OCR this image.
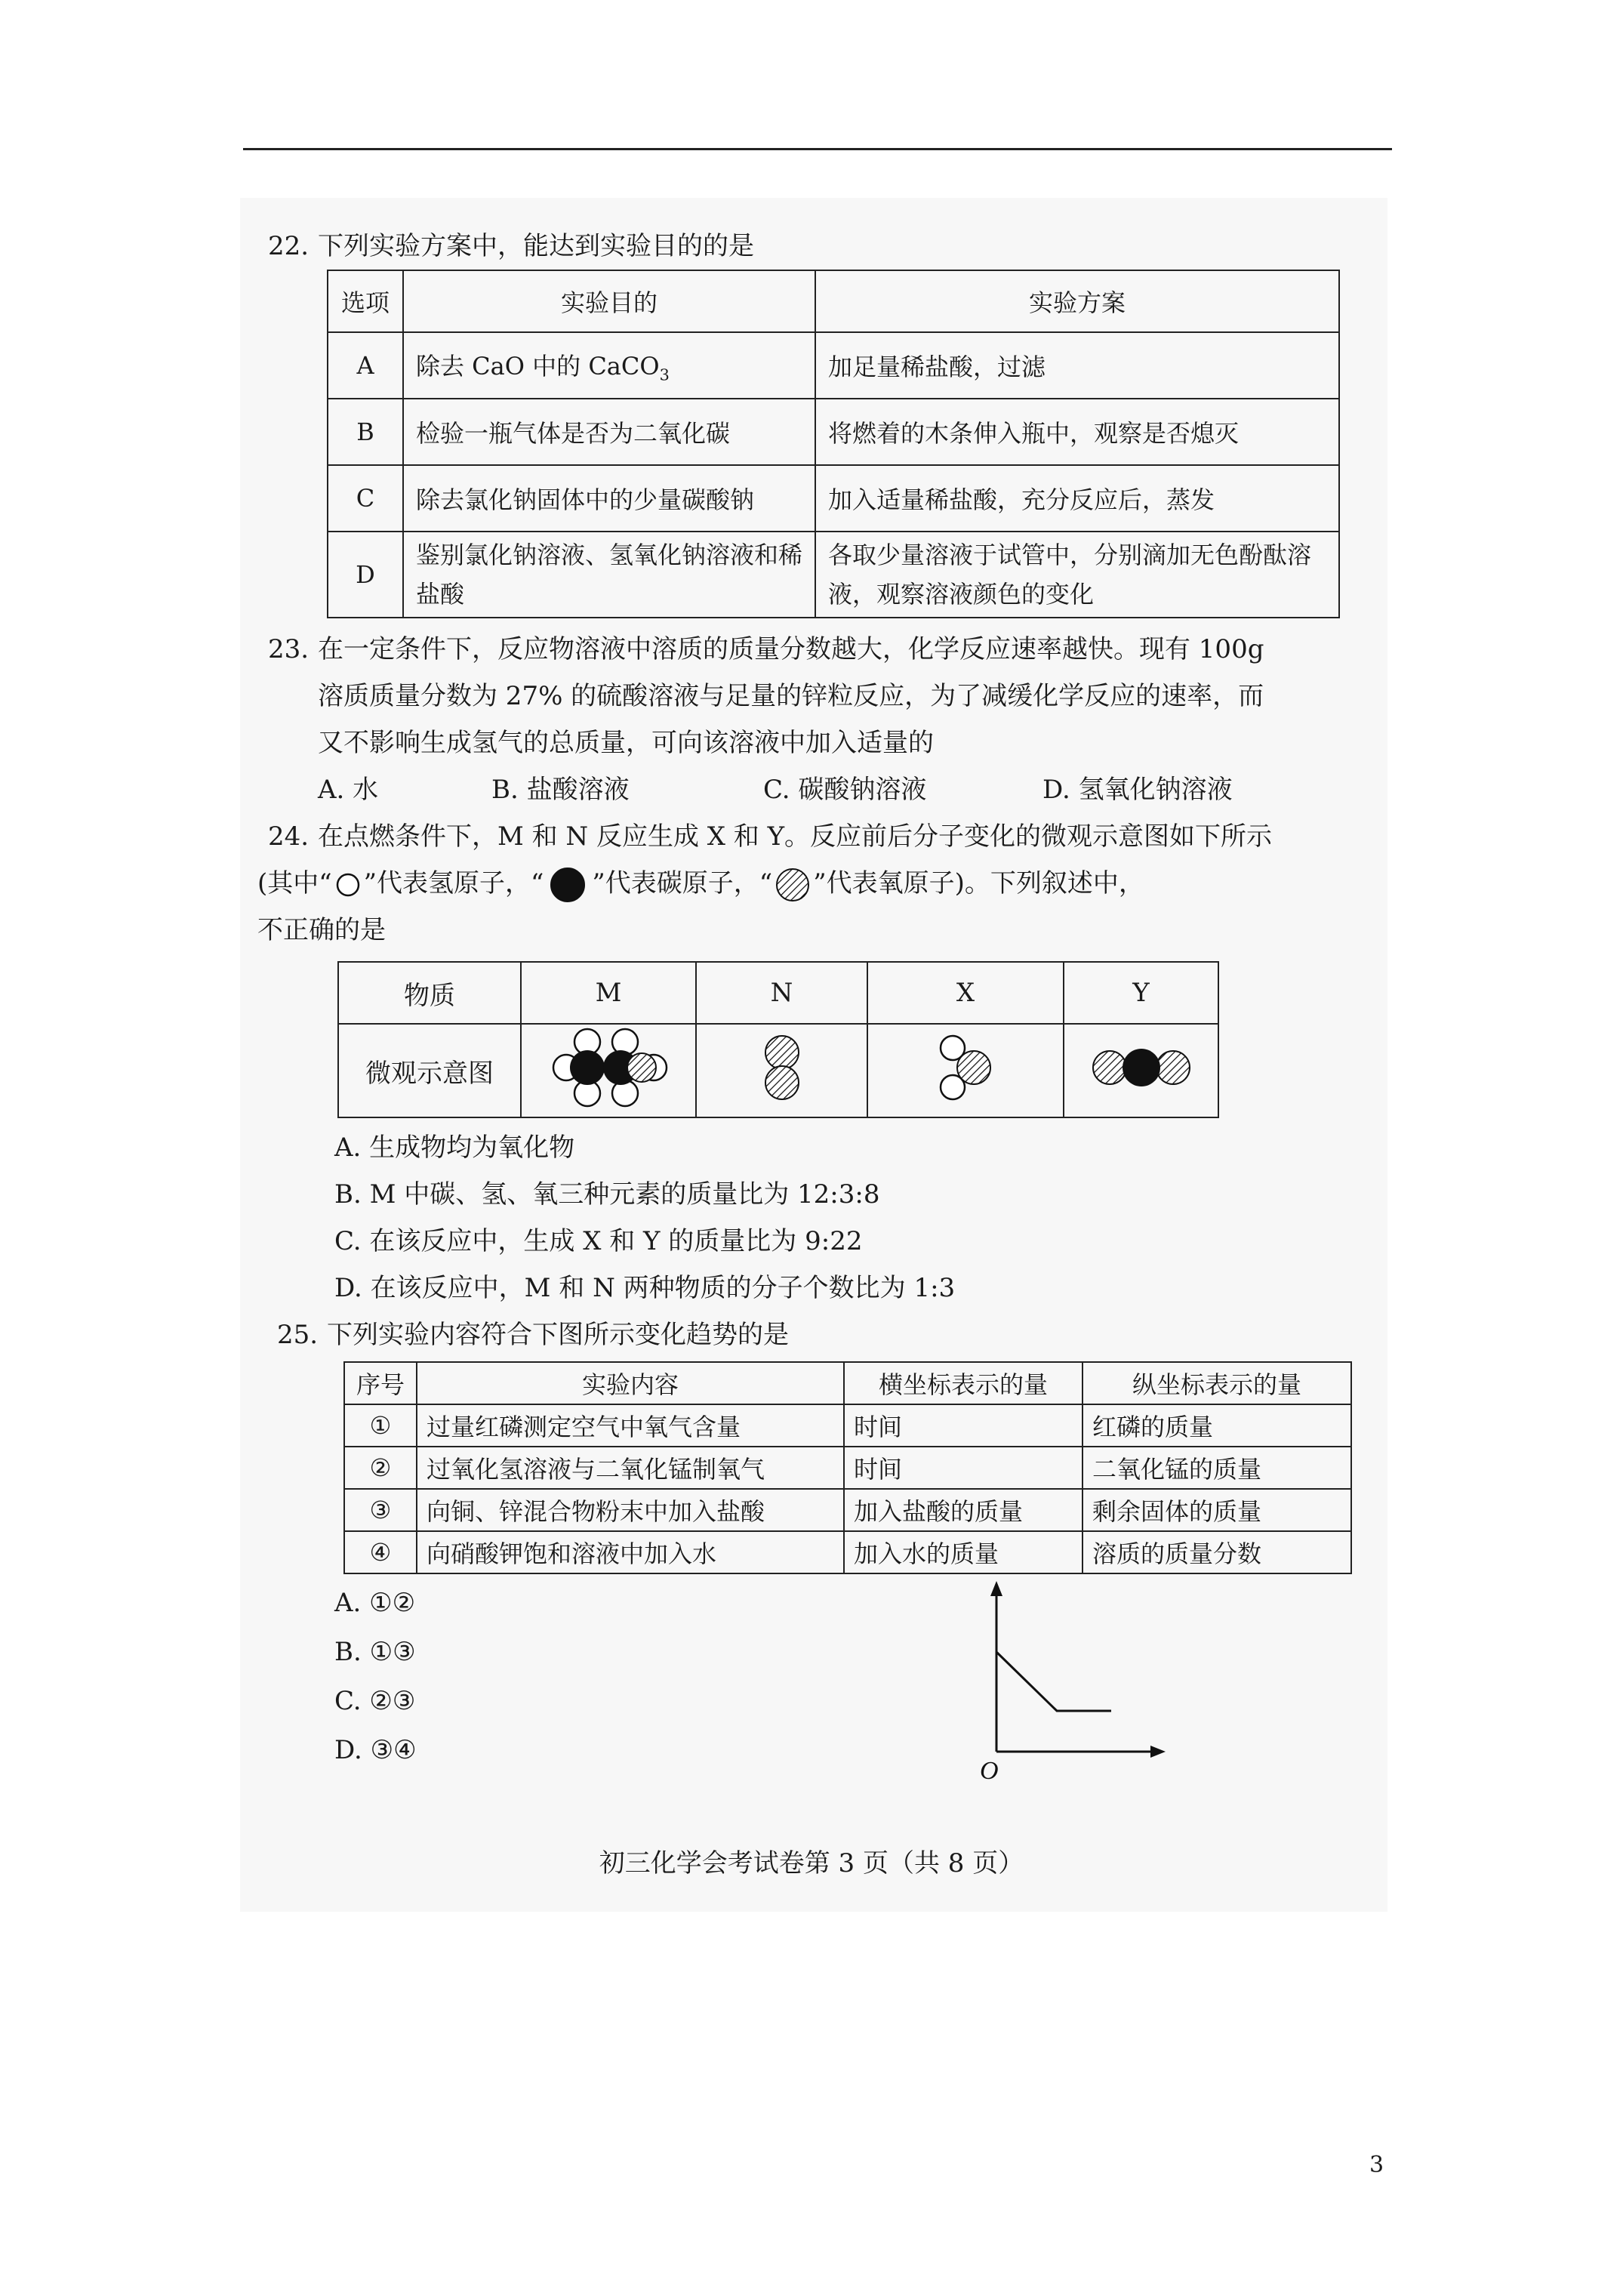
22. 下列实验方案中，能达到实验目的的是
选项	实验目的	实验方案
A	除去 CaO 中的 CaCO$_3$	加足量稀盐酸，过滤
B	检验一瓶气体是否为二氧化碳	将燃着的木条伸入瓶中，观察是否熄灭
C	除去氯化钠固体中的少量碳酸钠	加入适量稀盐酸，充分反应后，蒸发
D	鉴别氯化钠溶液、氢氧化钠溶液和稀盐酸	各取少量溶液于试管中，分别滴加无色酚酞溶液，观察溶液颜色的变化
23. 在一定条件下，反应物溶液中溶质的质量分数越大，化学反应速率越快。现有 100g
溶质质量分数为 27% 的硫酸溶液与足量的锌粒反应，为了减缓化学反应的速率，而
又不影响生成氢气的总质量，可向该溶液中加入适量的
A. 水	B. 盐酸溶液	C. 碳酸钠溶液	D. 氢氧化钠溶液
24. 在点燃条件下，M 和 N 反应生成 X 和 Y。反应前后分子变化的微观示意图如下所示
(其中“ ”代表氢原子，“ ”代表碳原子，“ ”代表氧原子)。下列叙述中，
不正确的是
物质	M	N	X	Y
微观示意图				
A. 生成物均为氧化物
B. M 中碳、氢、氧三种元素的质量比为 12:3:8
C. 在该反应中，生成 X 和 Y 的质量比为 9:22
D. 在该反应中，M 和 N 两种物质的分子个数比为 1:3
25. 下列实验内容符合下图所示变化趋势的是
序号	实验内容	横坐标表示的量	纵坐标表示的量
①	过量红磷测定空气中氧气含量	时间	红磷的质量
②	过氧化氢溶液与二氧化锰制氧气	时间	二氧化锰的质量
③	向铜、锌混合物粉末中加入盐酸	加入盐酸的质量	剩余固体的质量
④	向硝酸钾饱和溶液中加入水	加入水的质量	溶质的质量分数
A. ①②
B. ①③
C. ②③
D. ③④
O
初三化学会考试卷第 3 页（共 8 页）
3
